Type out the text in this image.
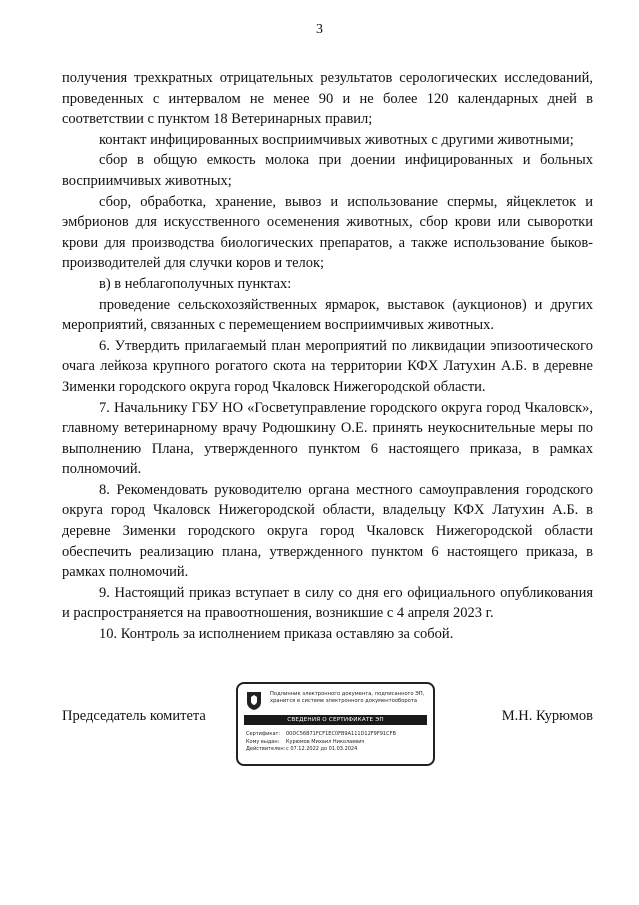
3

получения трехкратных отрицательных результатов серологических исследований, проведенных с интервалом не менее 90 и не более 120 календарных дней в соответствии с пунктом 18 Ветеринарных правил;

контакт инфицированных восприимчивых животных с другими животными;

сбор в общую емкость молока при доении инфицированных и больных восприимчивых животных;

сбор, обработка, хранение, вывоз и использование спермы, яйцеклеток и эмбрионов для искусственного осеменения животных, сбор крови или сыворотки крови для производства биологических препаратов, а также использование быков-производителей для случки коров и телок;

в) в неблагополучных пунктах:

проведение сельскохозяйственных ярмарок, выставок (аукционов) и других мероприятий, связанных с перемещением восприимчивых животных.

6. Утвердить прилагаемый план мероприятий по ликвидации эпизоотического очага лейкоза крупного рогатого скота на территории КФХ Латухин А.Б. в деревне Зименки городского округа город Чкаловск Нижегородской области.

7. Начальнику ГБУ НО «Госветуправление городского округа город Чкаловск», главному ветеринарному врачу Родюшкину О.Е. принять неукоснительные меры по выполнению Плана, утвержденного пунктом 6 настоящего приказа, в рамках полномочий.

8. Рекомендовать руководителю органа местного самоуправления городского округа город Чкаловск Нижегородской области, владельцу КФХ Латухин А.Б. в деревне Зименки городского округа город Чкаловск Нижегородской области обеспечить реализацию плана, утвержденного пунктом 6 настоящего приказа, в рамках полномочий.

9. Настоящий приказ вступает в силу со дня его официального опубликования и распространяется на правоотношения, возникшие с 4 апреля 2023 г.

10. Контроль за исполнением приказа оставляю за собой.

Председатель комитета	М.Н. Курюмов
Подлинник электронного документа, подписанного ЭП, хранится в системе электронного документооборота
СВЕДЕНИЯ О СЕРТИФИКАТЕ ЭП
Сертификат: 00DC56B71FCF1EC0FB9A111D12F9F91CFB
Кому выдан: Курюмов Михаил Николаевич
Действителен:с 07.12.2022 до 01.03.2024
